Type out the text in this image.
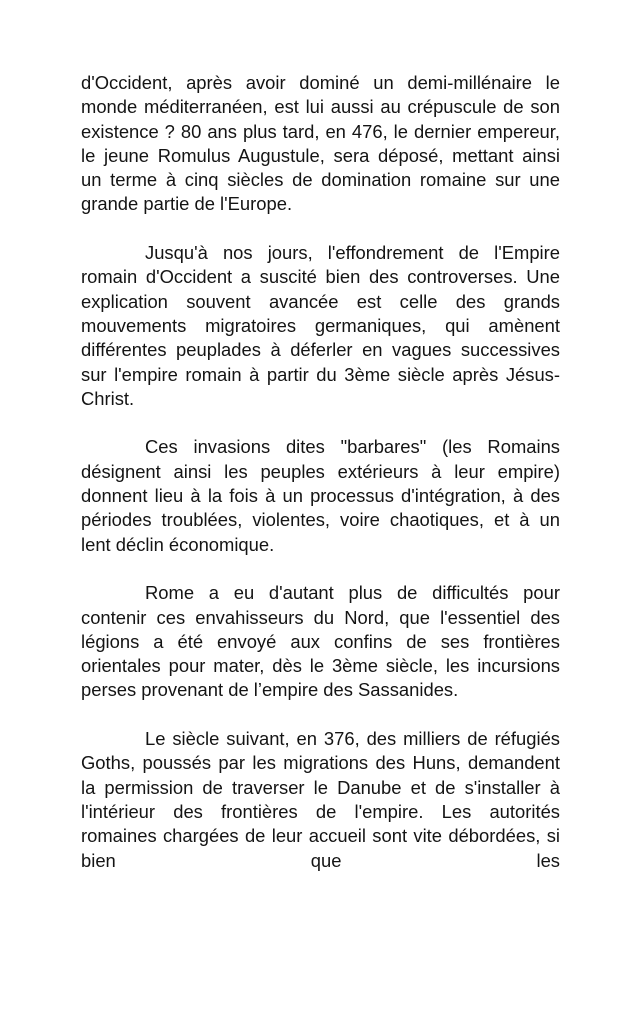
d'Occident, après avoir dominé un demi-millénaire le monde méditerranéen, est lui aussi au crépuscule de son existence ? 80 ans plus tard, en 476, le dernier empereur, le jeune Romulus Augustule, sera déposé, mettant ainsi un terme à cinq siècles de domination romaine sur une grande partie de l'Europe.

Jusqu'à nos jours, l'effondrement de l'Empire romain d'Occident a suscité bien des controverses. Une explication souvent avancée est celle des grands mouvements migratoires germaniques, qui amènent différentes peuplades à déferler en vagues successives sur l'empire romain à partir du 3ème siècle après Jésus-Christ.

Ces invasions dites "barbares" (les Romains désignent ainsi les peuples extérieurs à leur empire) donnent lieu à la fois à un processus d'intégration, à des périodes troublées, violentes, voire chaotiques, et à un lent déclin économique.

Rome a eu d'autant plus de difficultés pour contenir ces envahisseurs du Nord, que l'essentiel des légions a été envoyé aux confins de ses frontières orientales pour mater, dès le 3ème siècle, les incursions perses provenant de l’empire des Sassanides.

Le siècle suivant, en 376, des milliers de réfugiés Goths, poussés par les migrations des Huns, demandent la permission de traverser le Danube et de s'installer à l'intérieur des frontières de l'empire. Les autorités romaines chargées de leur accueil sont vite débordées, si bien que les
